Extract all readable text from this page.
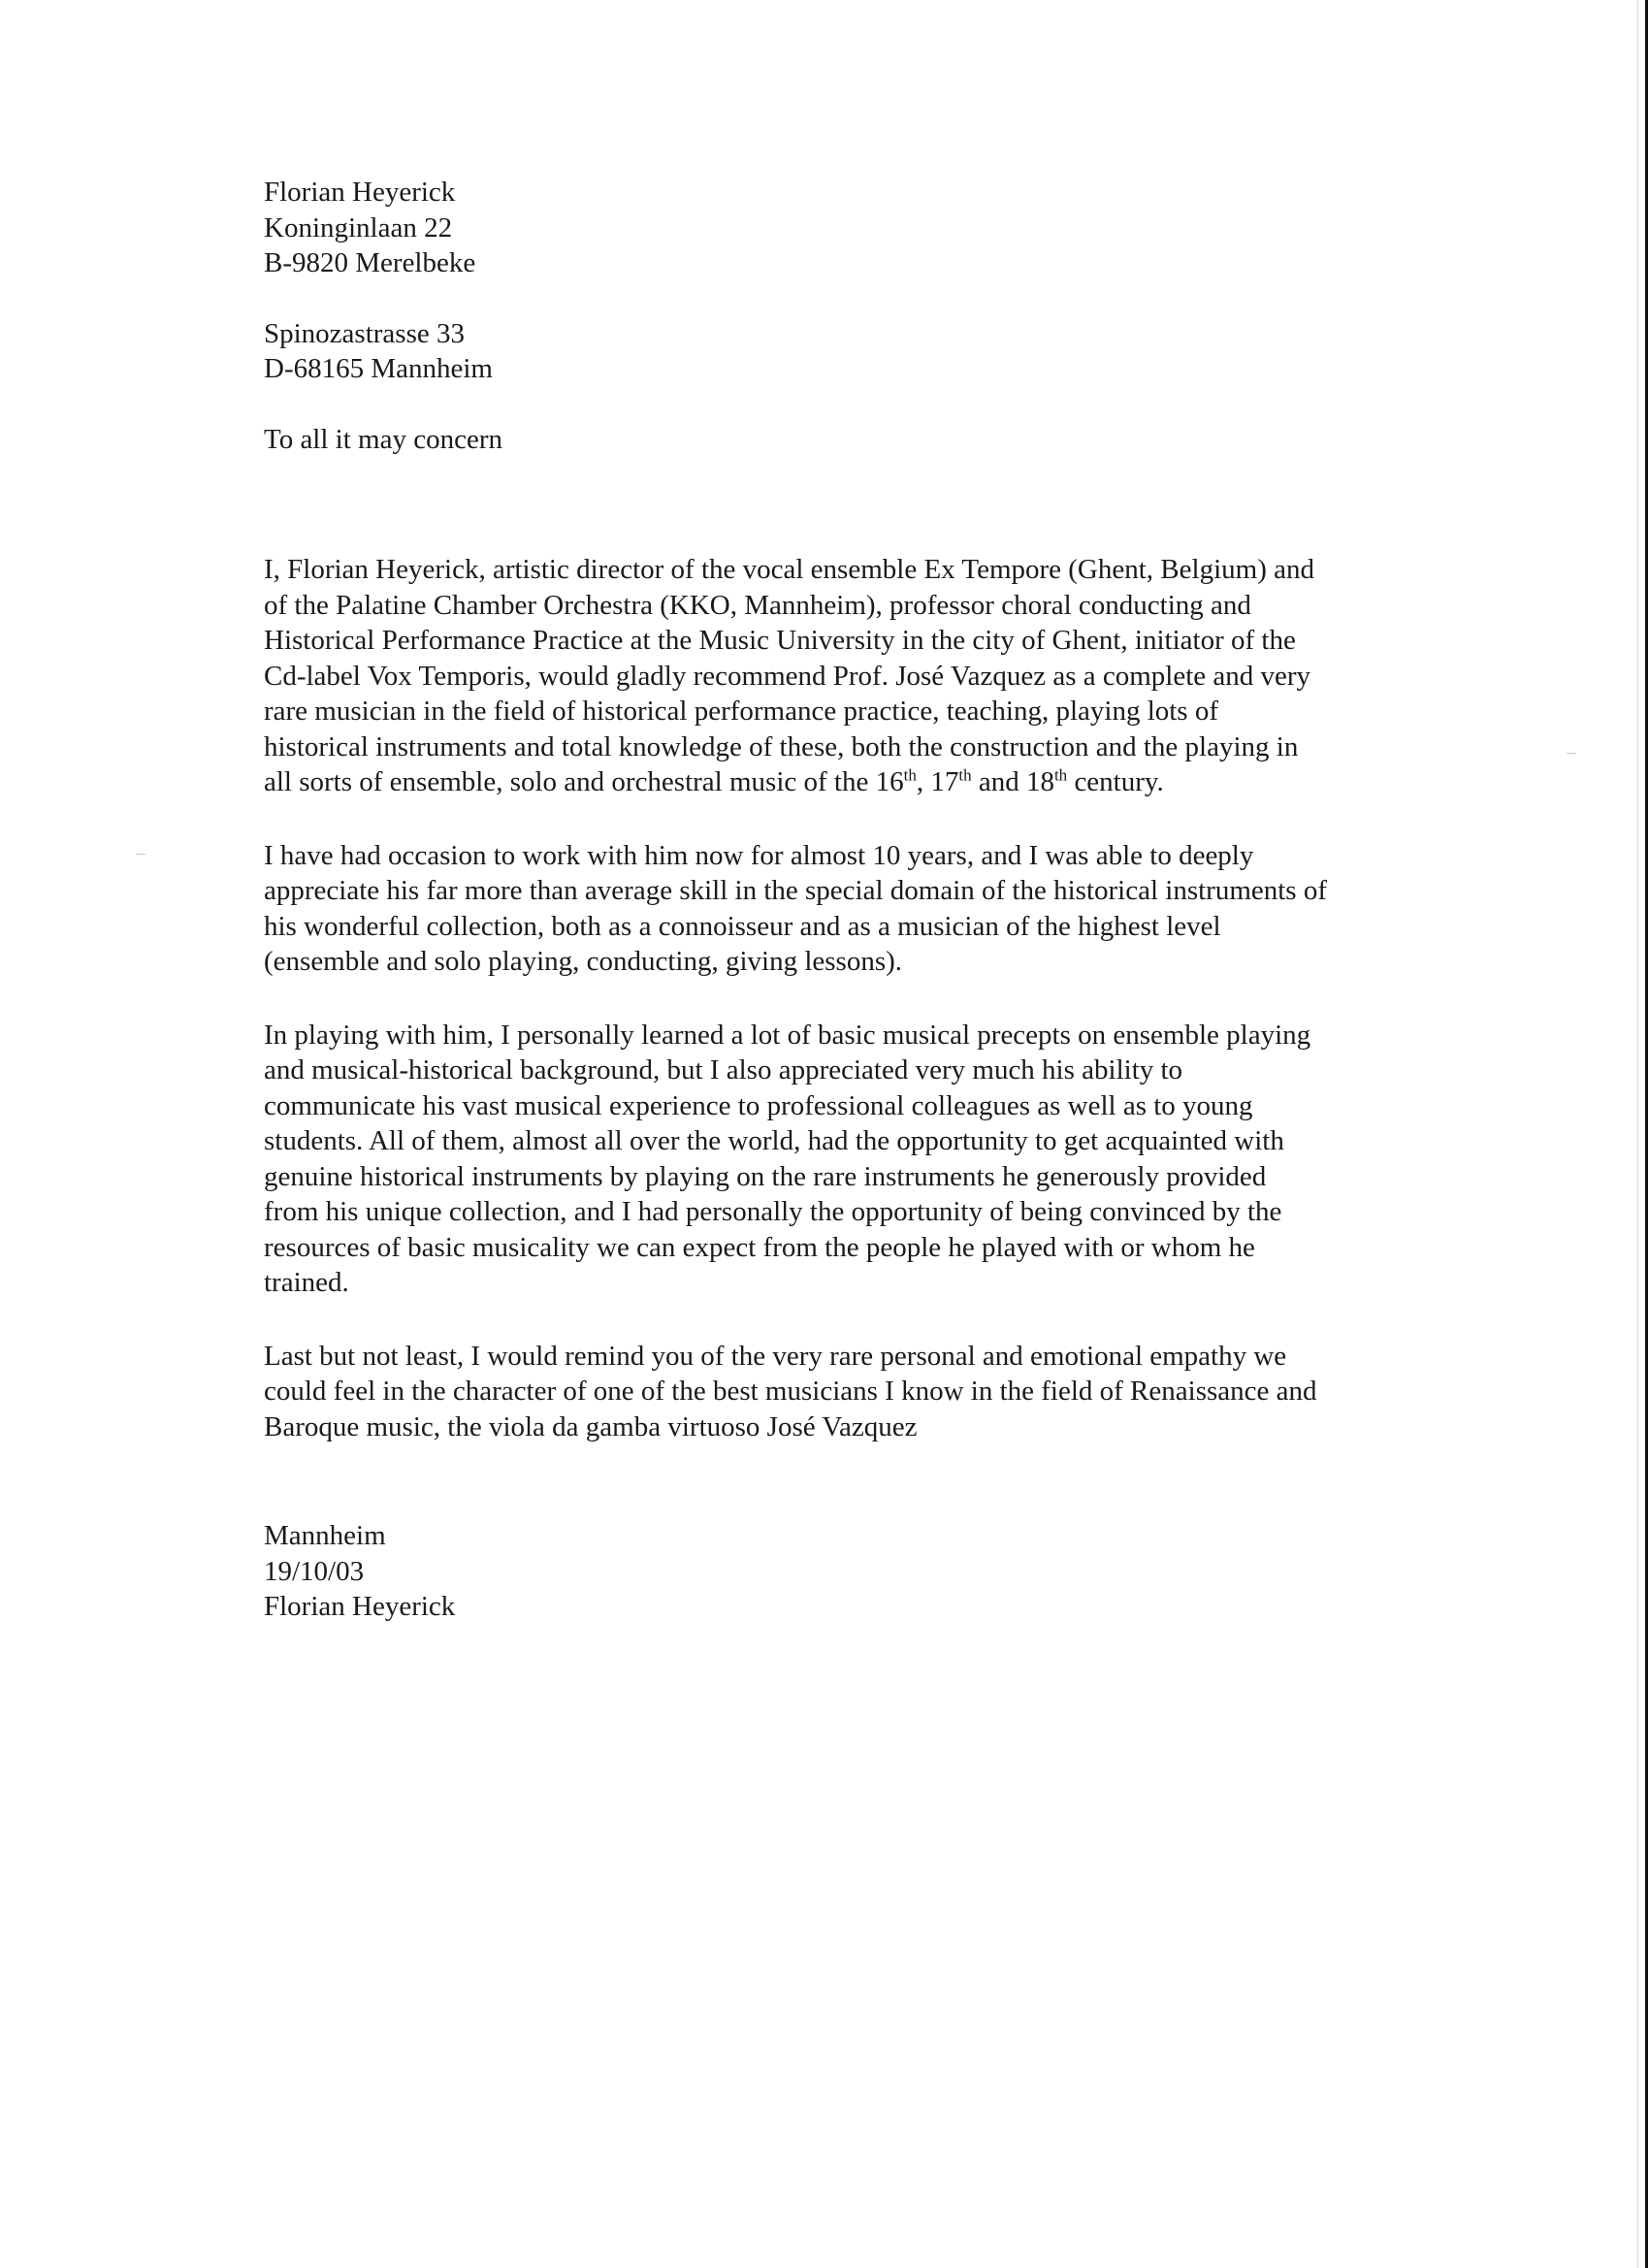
Florian Heyerick
Koninginlaan 22
B-9820 Merelbeke
Spinozastrasse 33
D-68165 Mannheim
To all it may concern
I, Florian Heyerick, artistic director of the vocal ensemble Ex Tempore (Ghent, Belgium) and
of the Palatine Chamber Orchestra (KKO, Mannheim), professor choral conducting and
Historical Performance Practice at the Music University in the city of Ghent, initiator of the
Cd-label Vox Temporis, would gladly recommend Prof. José Vazquez as a complete and very
rare musician in the field of historical performance practice, teaching, playing lots of
historical instruments and total knowledge of these, both the construction and the playing in
all sorts of ensemble, solo and orchestral music of the 16th, 17th and 18th century.
I have had occasion to work with him now for almost 10 years, and I was able to deeply
appreciate his far more than average skill in the special domain of the historical instruments of
his wonderful collection, both as a connoisseur and as a musician of the highest level
(ensemble and solo playing, conducting, giving lessons).
In playing with him, I personally learned a lot of basic musical precepts on ensemble playing
and musical-historical background, but I also appreciated very much his ability to
communicate his vast musical experience to professional colleagues as well as to young
students. All of them, almost all over the world, had the opportunity to get acquainted with
genuine historical instruments by playing on the rare instruments he generously provided
from his unique collection, and I had personally the opportunity of being convinced by the
resources of basic musicality we can expect from the people he played with or whom he
trained.
Last but not least, I would remind you of the very rare personal and emotional empathy we
could feel in the character of one of the best musicians I know in the field of Renaissance and
Baroque music, the viola da gamba virtuoso José Vazquez
Mannheim
19/10/03
Florian Heyerick
